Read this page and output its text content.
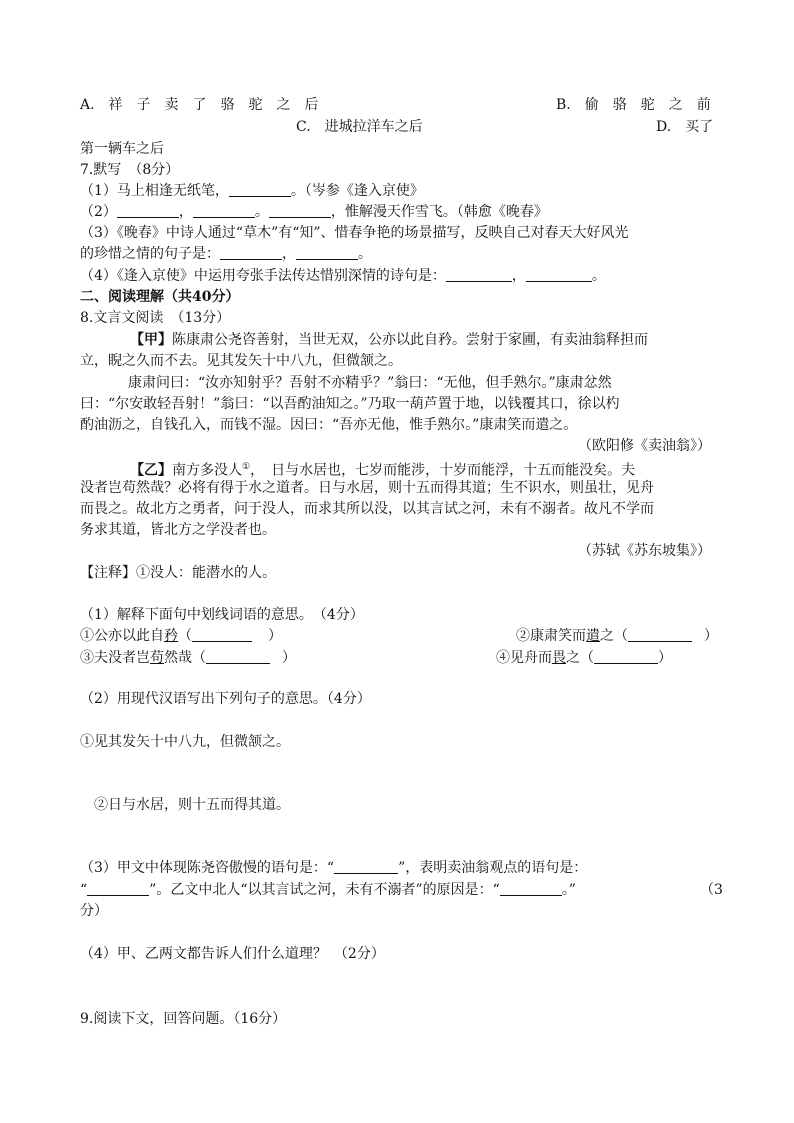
A.　祥　子　卖　了　骆　驼　之　后	B.　偷　骆　驼　之　前
C.　进城拉洋车之后	D.　买了
第一辆车之后
7.默写　（8分）
（1）马上相逢无纸笔，	。（岑参《逢入京使》
（2）	，	。	，惟解漫天作雪飞。（韩愈《晚春》
（3）《晚春》中诗人通过“草木”有“知”、惜春争艳的场景描写，反映自己对春天大好风光
的珍惜之情的句子是：	，	。
（4）《逢入京使》中运用夸张手法传达惜别深情的诗句是：	，	。
二、阅读理解（共40分）
8.文言文阅读　（13分）
【甲】陈康肃公尧咨善射，当世无双，公亦以此自矜。尝射于家圃，有卖油翁释担而
立，睨之久而不去。见其发矢十中八九，但微颔之。
康肃问曰：“汝亦知射乎？吾射不亦精乎？”翁曰：“无他，但手熟尔。”康肃忿然
曰：“尔安敢轻吾射！”翁曰：“以吾酌油知之。”乃取一葫芦置于地，以钱覆其口，徐以杓
酌油沥之，自钱孔入，而钱不湿。因曰：“吾亦无他，惟手熟尔。”康肃笑而遣之。
（欧阳修《卖油翁》）
【乙】南方多没人①，　日与水居也，七岁而能涉，十岁而能浮，十五而能没矣。夫
没者岂苟然哉？必将有得于水之道者。日与水居，则十五而得其道；生不识水，则虽壮，见舟
而畏之。故北方之勇者，问于没人，而求其所以没，以其言试之河，未有不溺者。故凡不学而
务求其道，皆北方之学没者也。
（苏轼《苏东坡集》）
【注释】①没人：能潜水的人。
（1）解释下面句中划线词语的意思。　（4分）
①公亦以此自矜（	）	②康肃笑而遣之（	）
③夫没者岂苟然哉（	）	④见舟而畏之（	）
（2）用现代汉语写出下列句子的意思。（4分）
①见其发矢十中八九，但微颔之。
②日与水居，则十五而得其道。
（3）甲文中体现陈尧咨傲慢的语句是：“	”，表明卖油翁观点的语句是：
“	”。乙文中北人“以其言试之河，未有不溺者”的原因是：“	。”	（3
分）
（4）甲、乙两文都告诉人们什么道理？　（2分）
9.阅读下文，回答问题。（16分）
